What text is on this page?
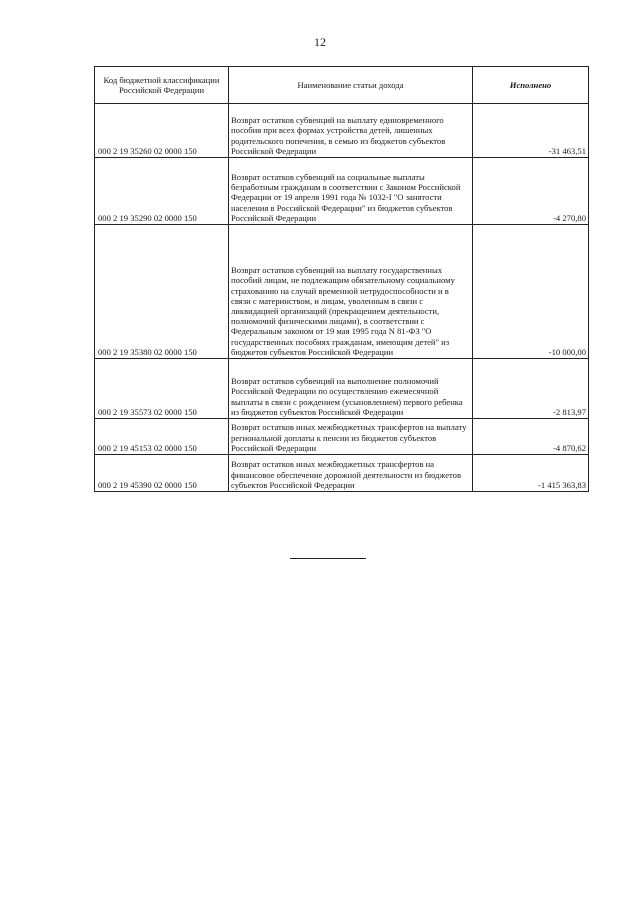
12
Код бюджетной классификации Российской Федерации	Наименование статьи дохода	Исполнено
000 2 19 35260 02 0000 150	Возврат остатков субвенций на выплату единовременного пособия при всех формах устройства детей, лишенных родительского попечения, в семью из бюджетов субъектов Российской Федерации	-31 463,51
000 2 19 35290 02 0000 150	Возврат остатков субвенций на социальные выплаты безработным гражданам в соответствии с Законом Российской Федерации от 19 апреля 1991 года № 1032-I "О занятости населения в Российской Федерации" из бюджетов субъектов Российской Федерации	-4 270,80
000 2 19 35380 02 0000 150	Возврат остатков субвенций на выплату государственных пособий лицам, не подлежащим обязательному социальному страхованию на случай временной нетрудоспособности и в связи с материнством, и лицам, уволенным в связи с ликвидацией организаций (прекращением деятельности, полномочий физическими лицами), в соответствии с Федеральным законом от 19 мая 1995 года N 81-ФЗ "О государственных пособиях гражданам, имеющим детей" из бюджетов субъектов Российской Федерации	-10 000,00
000 2 19 35573 02 0000 150	Возврат остатков субвенций на выполнение полномочий Российской Федерации по осуществлению ежемесячной выплаты в связи с рождением (усыновлением) первого ребенка из бюджетов субъектов Российской Федерации	-2 813,97
000 2 19 45153 02 0000 150	Возврат остатков иных межбюджетных трансфертов на выплату региональной доплаты к пенсии из бюджетов субъектов Российской Федерации	-4 870,62
000 2 19 45390 02 0000 150	Возврат остатков иных межбюджетных трансфертов на финансовое обеспечение дорожной деятельности из бюджетов субъектов Российской Федерации	-1 415 363,83
